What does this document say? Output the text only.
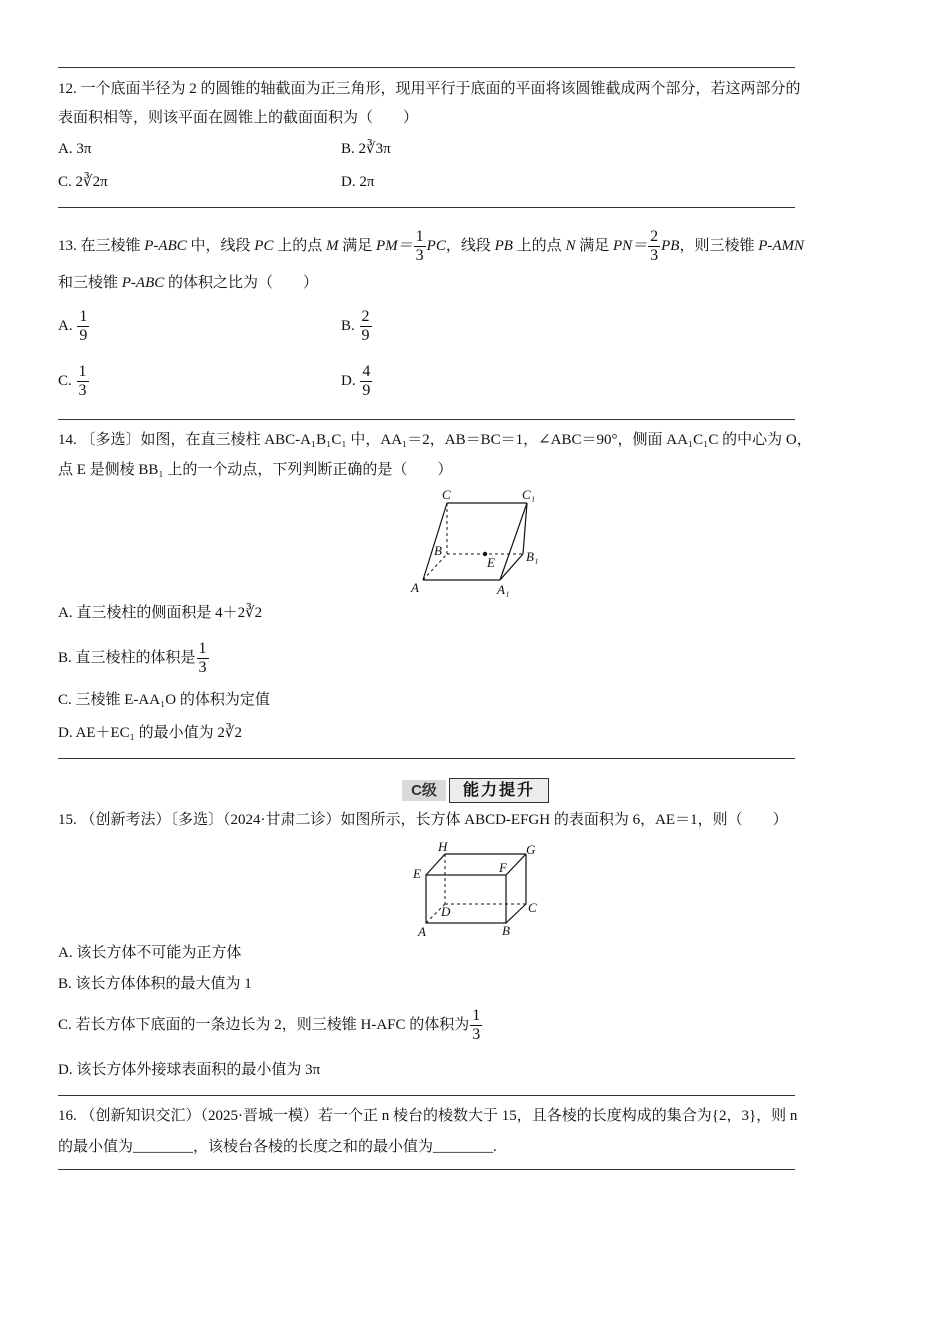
12. 一个底面半径为 2 的圆锥的轴截面为正三角形，现用平行于底面的平面将该圆锥截成两个部分，若这两部分的
表面积相等，则该平面在圆锥上的截面面积为（　　）
A. 3π	B. 2∛3π
C. 2∛2π	D. 2π
13. 在三棱锥 P-ABC 中，线段 PC 上的点 M 满足 $PM= \frac{1}{3}$ PC，线段 PB 上的点 N 满足 $PN= \frac{2}{3}$ PB，则三棱锥 P-AMN
和三棱锥 P-ABC 的体积之比为（　　）
A. $\frac{1}{9}$	B. $\frac{2}{9}$
C. $\frac{1}{3}$	D. $\frac{4}{9}$
14. 〔多选〕如图，在直三棱柱 ABC-A₁B₁C₁ 中，AA₁＝2，AB＝BC＝1，∠ABC＝90°，侧面 AA₁C₁C 的中心为 O，
点 E 是侧棱 BB₁ 上的一个动点，下列判断正确的是（　　）
C	C₁
B
E B₁
A	A₁
A. 直三棱柱的侧面积是 4＋2∛2
B. 直三棱柱的体积是 $\frac{1}{3}$
C. 三棱锥 E-AA₁O 的体积为定值
D. AE＋EC₁ 的最小值为 2∛2
C级	能力提升
15. （创新考法）〔多选〕（2024·甘肃二诊）如图所示，长方体 ABCD-EFGH 的表面积为 6，AE＝1，则（　　）
H	G
E	F
D	C
A	B
A. 该长方体不可能为正方体
B. 该长方体体积的最大值为 1
C. 若长方体下底面的一条边长为 2，则三棱锥 H-AFC 的体积为 $\frac{1}{3}$
D. 该长方体外接球表面积的最小值为 3π
16. （创新知识交汇）（2025·晋城一模）若一个正 n 棱台的棱数大于 15，且各棱的长度构成的集合为{2，3}，则 n
的最小值为________，该棱台各棱的长度之和的最小值为________.
